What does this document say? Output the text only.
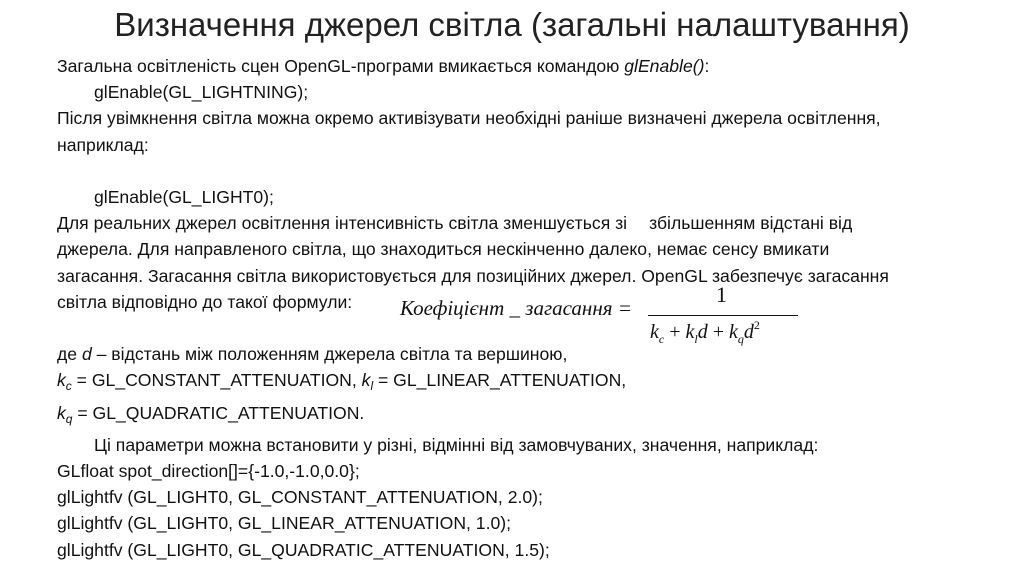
Визначення джерел світла (загальні налаштування)
Загальна освітленість сцен OpenGL-програми вмикається командою glEnable():
glEnable(GL_LIGHTNING);
Після увімкнення світла можна окремо активізувати необхідні раніше визначені джерела освітлення,
наприклад:
glEnable(GL_LIGHT0);
Для реальних джерел освітлення інтенсивність світла зменшується зі збільшенням відстані від
джерела. Для направленого світла, що знаходиться нескінченно далеко, немає сенсу вмикати
загасання. Загасання світла використовується для позиційних джерел. OpenGL забезпечує загасання
світла відповідно до такої формули:
де d – відстань між положенням джерела світла та вершиною,
$k_c$ = GL_CONSTANT_ATTENUATION, $k_l$ = GL_LINEAR_ATTENUATION,
$k_q$ = GL_QUADRATIC_ATTENUATION.
Ці параметри можна встановити у різні, відмінні від замовчуваних, значення, наприклад:
GLfloat spot_direction[]={-1.0,-1.0,0.0};
glLightfv (GL_LIGHT0, GL_CONSTANT_ATTENUATION, 2.0);
glLightfv (GL_LIGHT0, GL_LINEAR_ATTENUATION, 1.0);
glLightfv (GL_LIGHT0, GL_QUADRATIC_ATTENUATION, 1.5);
Коефіцієнт _ загасання =
1
$k_c + k_ld + k_qd^2$
